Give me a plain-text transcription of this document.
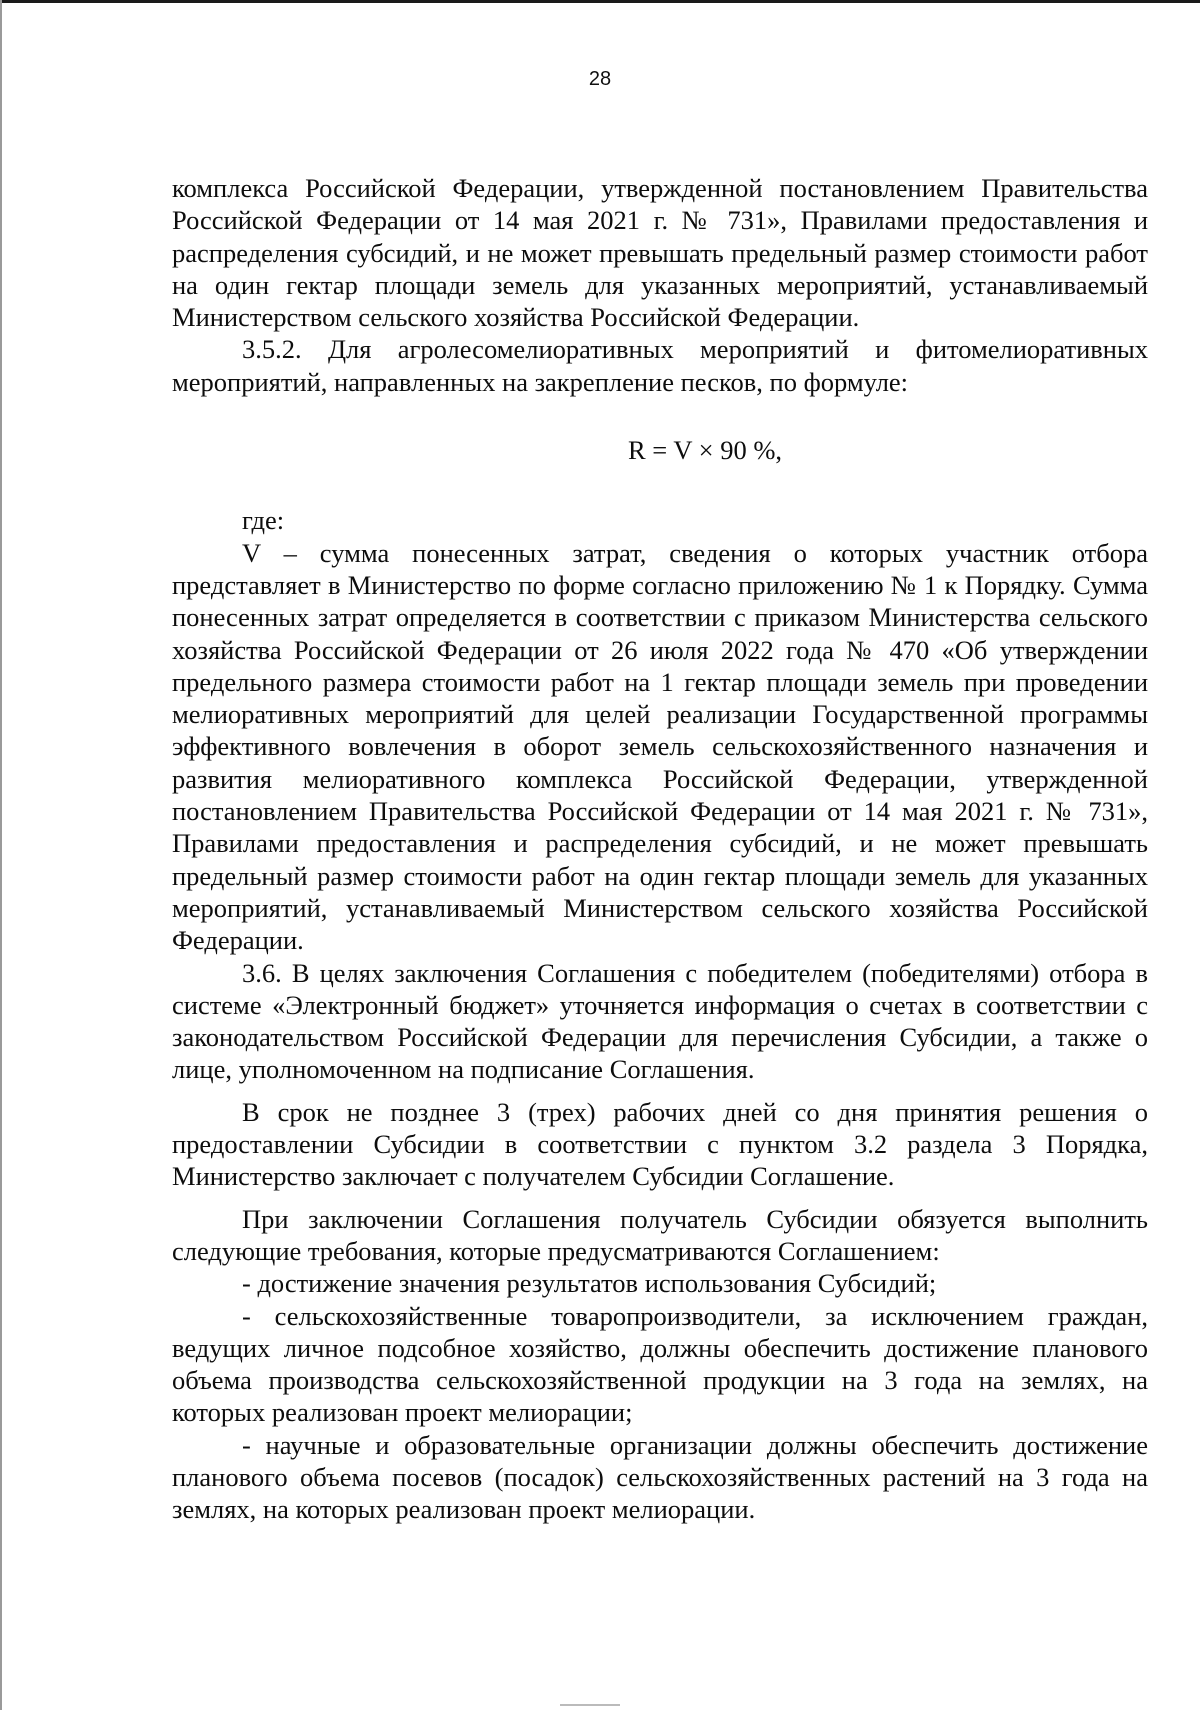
28

комплекса Российской Федерации, утвержденной постановлением Правительства Российской Федерации от 14 мая 2021 г. № 731», Правилами предоставления и распределения субсидий, и не может превышать предельный размер стоимости работ на один гектар площади земель для указанных мероприятий, устанавливаемый Министерством сельского хозяйства Российской Федерации.

3.5.2. Для агролесомелиоративных мероприятий и фитомелиоративных мероприятий, направленных на закрепление песков, по формуле:

R = V × 90 %,

где:

V – сумма понесенных затрат, сведения о которых участник отбора представляет в Министерство по форме согласно приложению № 1 к Порядку. Сумма понесенных затрат определяется в соответствии с приказом Министерства сельского хозяйства Российской Федерации от 26 июля 2022 года № 470 «Об утверждении предельного размера стоимости работ на 1 гектар площади земель при проведении мелиоративных мероприятий для целей реализации Государственной программы эффективного вовлечения в оборот земель сельскохозяйственного назначения и развития мелиоративного комплекса Российской Федерации, утвержденной постановлением Правительства Российской Федерации от 14 мая 2021 г. № 731», Правилами предоставления и распределения субсидий, и не может превышать предельный размер стоимости работ на один гектар площади земель для указанных мероприятий, устанавливаемый Министерством сельского хозяйства Российской Федерации.

3.6. В целях заключения Соглашения с победителем (победителями) отбора в системе «Электронный бюджет» уточняется информация о счетах в соответствии с законодательством Российской Федерации для перечисления Субсидии, а также о лице, уполномоченном на подписание Соглашения.

В срок не позднее 3 (трех) рабочих дней со дня принятия решения о предоставлении Субсидии в соответствии с пунктом 3.2 раздела 3 Порядка, Министерство заключает с получателем Субсидии Соглашение.

При заключении Соглашения получатель Субсидии обязуется выполнить следующие требования, которые предусматриваются Соглашением:

- достижение значения результатов использования Субсидий;

- сельскохозяйственные товаропроизводители, за исключением граждан, ведущих личное подсобное хозяйство, должны обеспечить достижение планового объема производства сельскохозяйственной продукции на 3 года на землях, на которых реализован проект мелиорации;

- научные и образовательные организации должны обеспечить достижение планового объема посевов (посадок) сельскохозяйственных растений на 3 года на землях, на которых реализован проект мелиорации.
